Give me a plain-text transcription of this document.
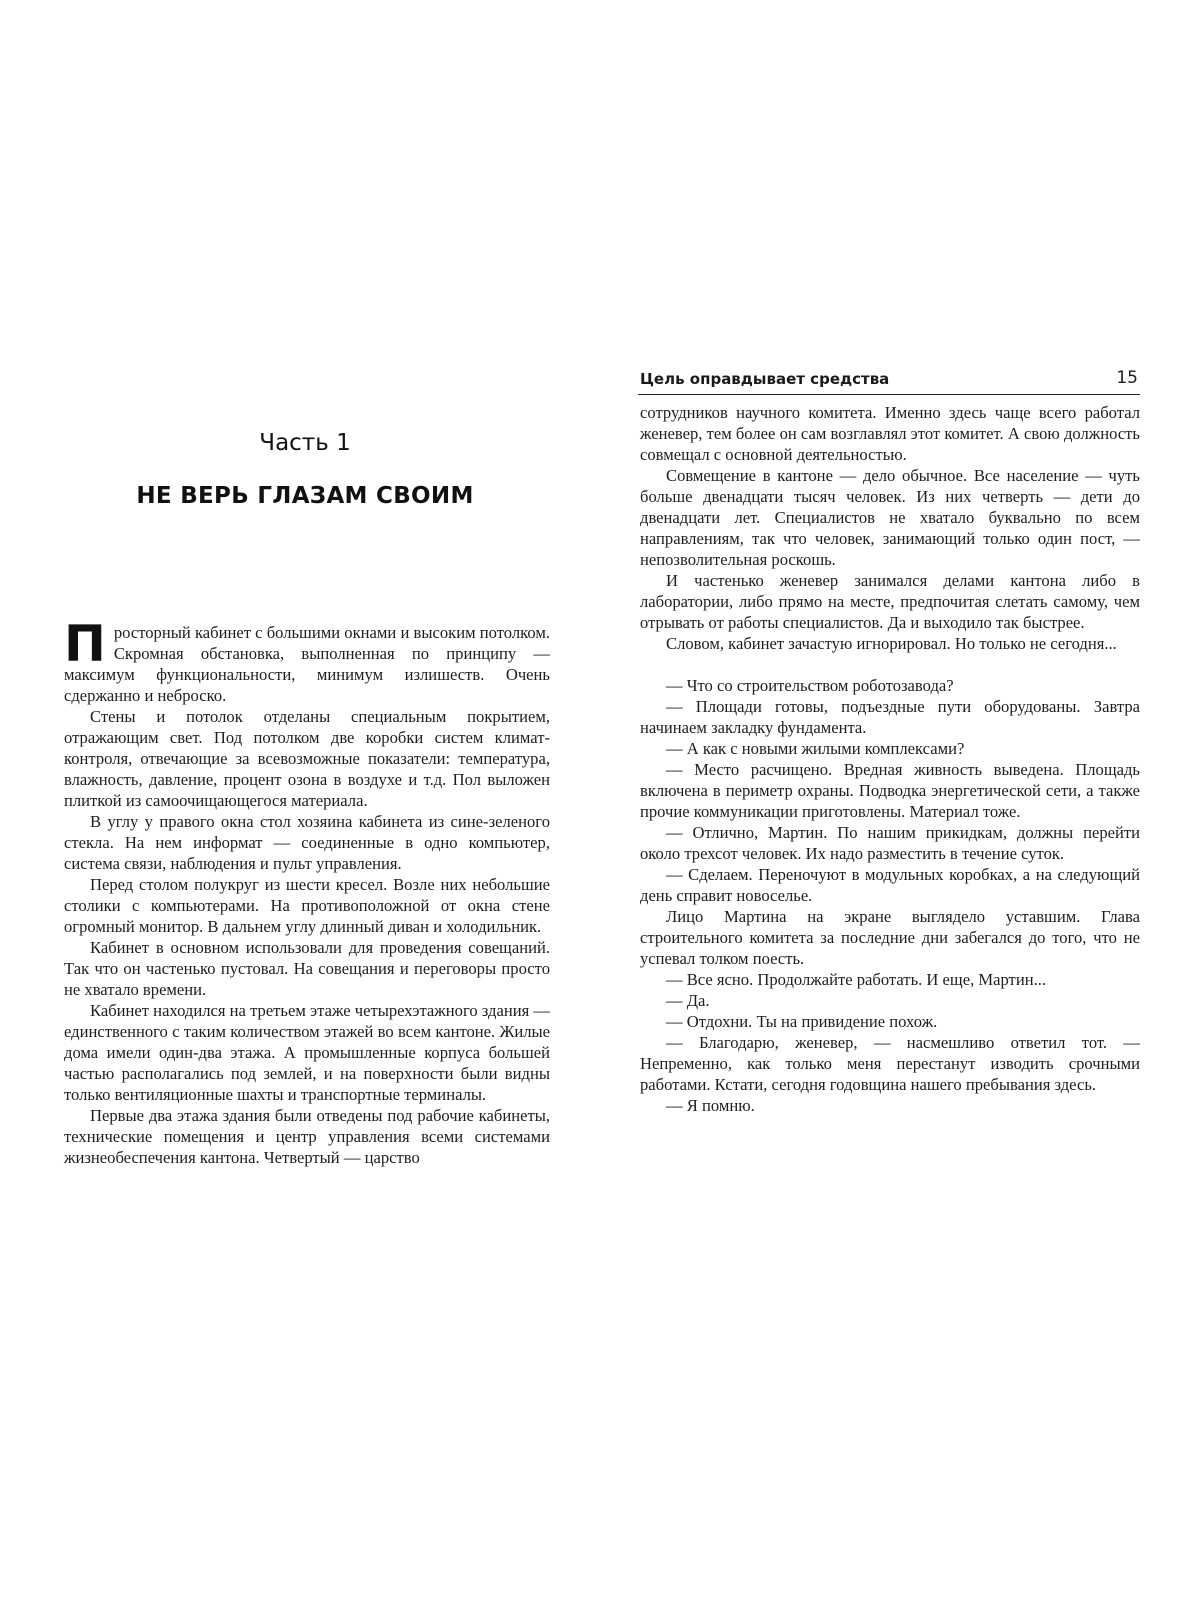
Часть 1
НЕ ВЕРЬ ГЛАЗАМ СВОИМ

Просторный кабинет с большими окнами и высоким потолком. Скромная обстановка, выполненная по принципу — максимум функциональности, минимум излишеств. Очень сдержанно и неброско.

Стены и потолок отделаны специальным покрытием, отражающим свет. Под потолком две коробки систем климат-контроля, отвечающие за всевозможные показатели: температура, влажность, давление, процент озона в воздухе и т.д. Пол выложен плиткой из самоочищающегося материала.

В углу у правого окна стол хозяина кабинета из сине-зеленого стекла. На нем информат — соединенные в одно компьютер, система связи, наблюдения и пульт управления.

Перед столом полукруг из шести кресел. Возле них небольшие столики с компьютерами. На противоположной от окна стене огромный монитор. В дальнем углу длинный диван и холодильник.

Кабинет в основном использовали для проведения совещаний. Так что он частенько пустовал. На совещания и переговоры просто не хватало времени.

Кабинет находился на третьем этаже четырехэтажного здания — единственного с таким количеством этажей во всем кантоне. Жилые дома имели один-два этажа. А промышленные корпуса большей частью располагались под землей, и на поверхности были видны только вентиляционные шахты и транспортные терминалы.

Первые два этажа здания были отведены под рабочие кабинеты, технические помещения и центр управления всеми системами жизнеобеспечения кантона. Четвертый — царство

Цель оправдывает средства	15

сотрудников научного комитета. Именно здесь чаще всего работал женевер, тем более он сам возглавлял этот комитет. А свою должность совмещал с основной деятельностью.

Совмещение в кантоне — дело обычное. Все население — чуть больше двенадцати тысяч человек. Из них четверть — дети до двенадцати лет. Специалистов не хватало буквально по всем направлениям, так что человек, занимающий только один пост, — непозволительная роскошь.

И частенько женевер занимался делами кантона либо в лаборатории, либо прямо на месте, предпочитая слетать самому, чем отрывать от работы специалистов. Да и выходило так быстрее.

Словом, кабинет зачастую игнорировал. Но только не сегодня...

— Что со строительством роботозавода?

— Площади готовы, подъездные пути оборудованы. Завтра начинаем закладку фундамента.

— А как с новыми жилыми комплексами?

— Место расчищено. Вредная живность выведена. Площадь включена в периметр охраны. Подводка энергетической сети, а также прочие коммуникации приготовлены. Материал тоже.

— Отлично, Мартин. По нашим прикидкам, должны перейти около трехсот человек. Их надо разместить в течение суток.

— Сделаем. Переночуют в модульных коробках, а на следующий день справит новоселье.

Лицо Мартина на экране выглядело уставшим. Глава строительного комитета за последние дни забегался до того, что не успевал толком поесть.

— Все ясно. Продолжайте работать. И еще, Мартин...

— Да.

— Отдохни. Ты на привидение похож.

— Благодарю, женевер, — насмешливо ответил тот. — Непременно, как только меня перестанут изводить срочными работами. Кстати, сегодня годовщина нашего пребывания здесь.

— Я помню.
